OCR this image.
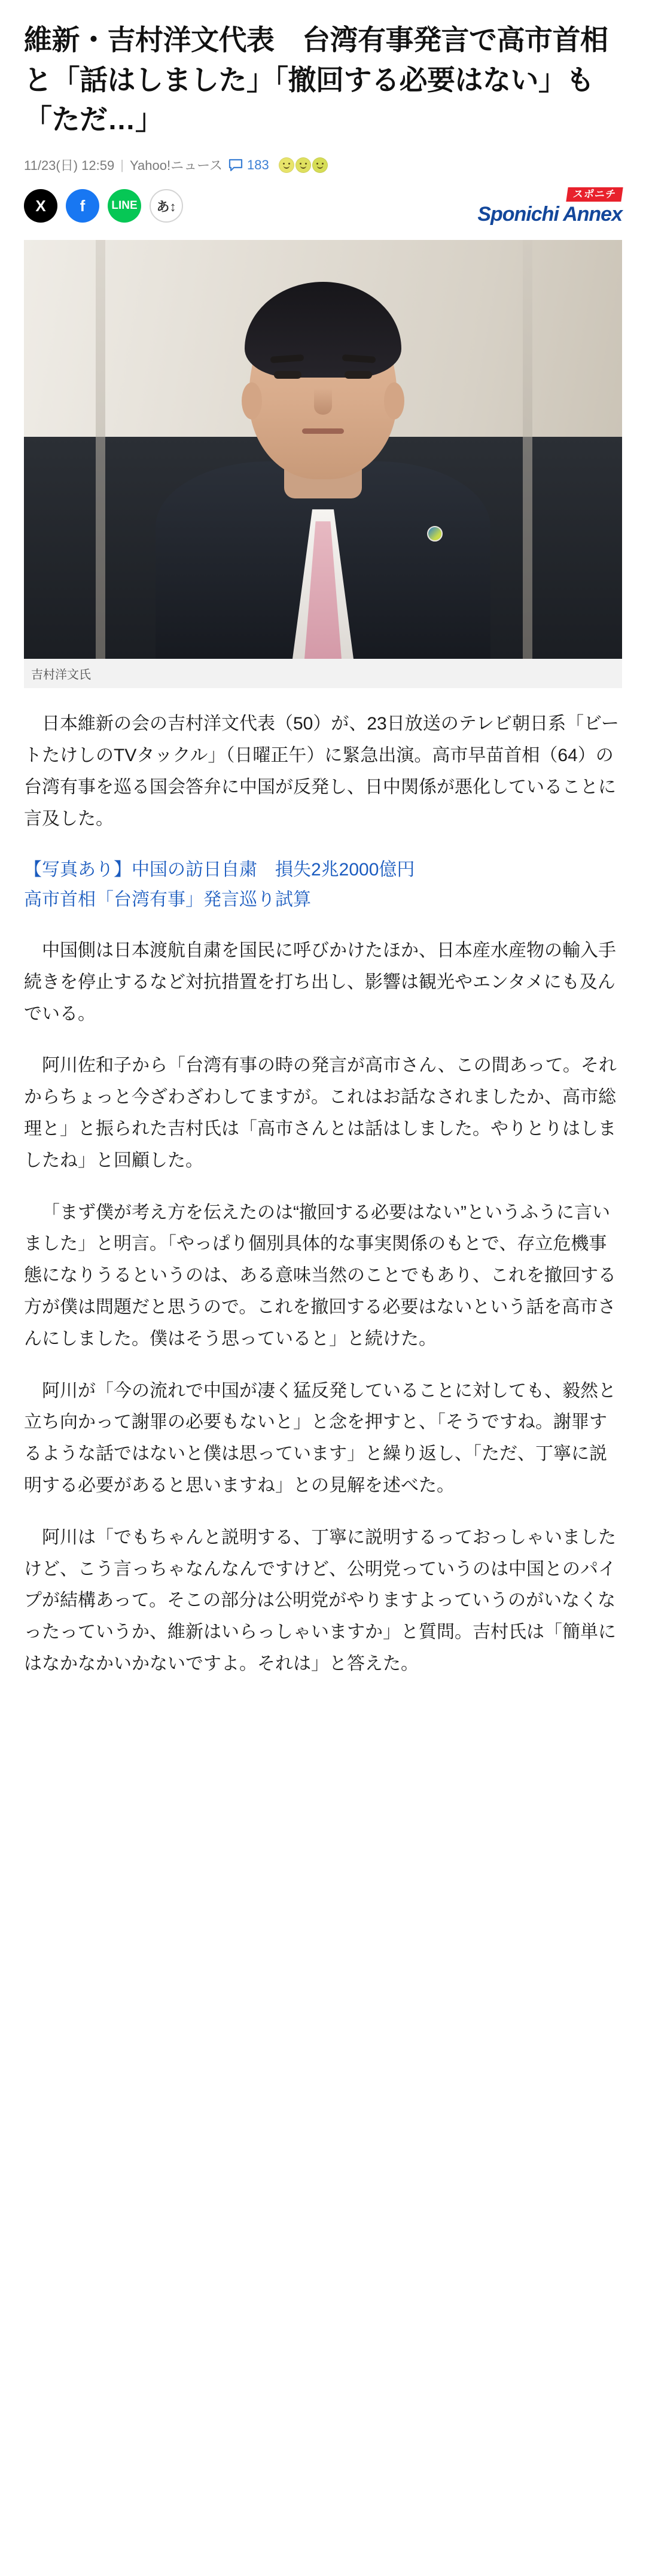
維新・吉村洋文代表　台湾有事発言で高市首相と「話はしました」「撤回する必要はない」も「ただ…」
11/23(日) 12:59 | Yahoo!ニュース 183
X f LINE あ↕
スポニチ
Sponichi Annex
吉村洋文氏

日本維新の会の吉村洋文代表（50）が、23日放送のテレビ朝日系「ビートたけしのTVタックル」（日曜正午）に緊急出演。高市早苗首相（64）の台湾有事を巡る国会答弁に中国が反発し、日中関係が悪化していることに言及した。

【写真あり】中国の訪日自粛　損失2兆2000億円
高市首相「台湾有事」発言巡り試算

中国側は日本渡航自粛を国民に呼びかけたほか、日本産水産物の輸入手続きを停止するなど対抗措置を打ち出し、影響は観光やエンタメにも及んでいる。

阿川佐和子から「台湾有事の時の発言が高市さん、この間あって。それからちょっと今ざわざわしてますが。これはお話なされましたか、高市総理と」と振られた吉村氏は「高市さんとは話はしました。やりとりはしましたね」と回顧した。

「まず僕が考え方を伝えたのは“撤回する必要はない”というふうに言いました」と明言。「やっぱり個別具体的な事実関係のもとで、存立危機事態になりうるというのは、ある意味当然のことでもあり、これを撤回する方が僕は問題だと思うので。これを撤回する必要はないという話を高市さんにしました。僕はそう思っていると」と続けた。

阿川が「今の流れで中国が凄く猛反発していることに対しても、毅然と立ち向かって謝罪の必要もないと」と念を押すと、「そうですね。謝罪するような話ではないと僕は思っています」と繰り返し、「ただ、丁寧に説明する必要があると思いますね」との見解を述べた。

阿川は「でもちゃんと説明する、丁寧に説明するっておっしゃいましたけど、こう言っちゃなんなんですけど、公明党っていうのは中国とのパイプが結構あって。そこの部分は公明党がやりますよっていうのがいなくなったっていうか、維新はいらっしゃいますか」と質問。吉村氏は「簡単にはなかなかいかないですよ。それは」と答えた。
